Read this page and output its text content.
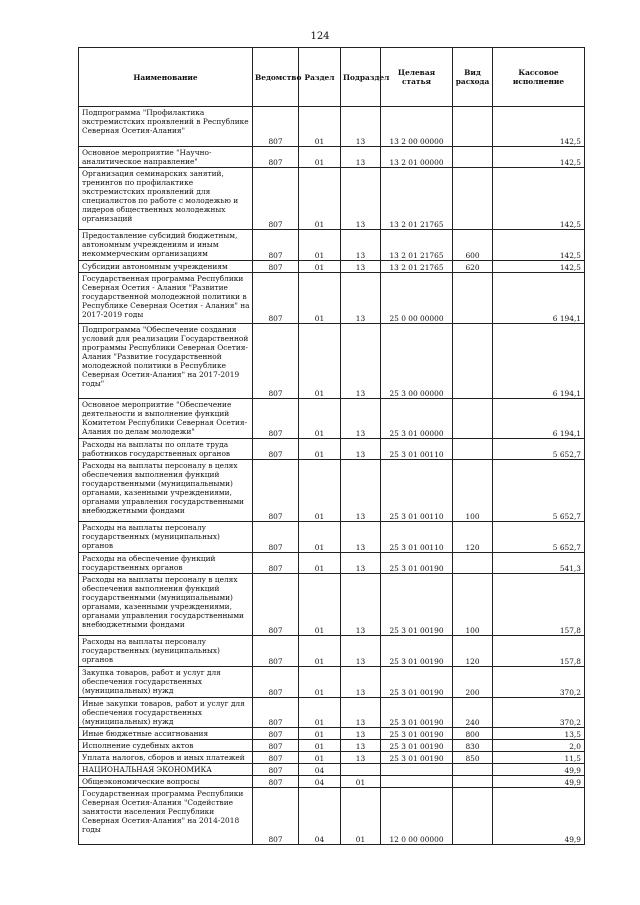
124
Наименование	Ведомство	Раздел	Подраздел	Целевая статья	Вид расхода	Кассовое исполнение
Подпрограмма "Профилактика экстремистских проявлений в Республике Северная Осетия-Алания"	807	01	13	13 2 00 00000		142,5
Основное мероприятие "Научно-аналитическое направление"	807	01	13	13 2 01 00000		142,5
Организация семинарских занятий, тренингов по профилактике экстремистских проявлений для специалистов по работе с молодежью и лидеров общественных молодежных организаций	807	01	13	13 2 01 21765		142,5
Предоставление субсидий бюджетным, автономным учреждениям и иным некоммерческим организациям	807	01	13	13 2 01 21765	600	142,5
Субсидии автономным учреждениям	807	01	13	13 2 01 21765	620	142,5
Государственная программа Республики Северная Осетия - Алания "Развитие государственной молодежной политики в Республике Северная Осетия - Алания" на 2017-2019 годы	807	01	13	25 0 00 00000		6 194,1
Подпрограмма "Обеспечение создания условий для реализации Государственной программы Республики Северная Осетия-Алания "Развитие государственной молодежной политики в Республике Северная Осетия-Алания" на 2017-2019 годы"	807	01	13	25 3 00 00000		6 194,1
Основное мероприятие "Обеспечение деятельности и выполнение функций Комитетом Республики Северная Осетия-Алания по делам молодежи"	807	01	13	25 3 01 00000		6 194,1
Расходы на выплаты по оплате труда работников государственных органов	807	01	13	25 3 01 00110		5 652,7
Расходы на выплаты персоналу в целях обеспечения выполнения функций государственными (муниципальными) органами, казенными учреждениями, органами управления государственными внебюджетными фондами	807	01	13	25 3 01 00110	100	5 652,7
Расходы на выплаты персоналу государственных (муниципальных) органов	807	01	13	25 3 01 00110	120	5 652,7
Расходы на обеспечение функций государственных органов	807	01	13	25 3 01 00190		541,3
Расходы на выплаты персоналу в целях обеспечения выполнения функций государственными (муниципальными) органами, казенными учреждениями, органами управления государственными внебюджетными фондами	807	01	13	25 3 01 00190	100	157,8
Расходы на выплаты персоналу государственных (муниципальных) органов	807	01	13	25 3 01 00190	120	157,8
Закупка товаров, работ и услуг для обеспечения государственных (муниципальных) нужд	807	01	13	25 3 01 00190	200	370,2
Иные закупки товаров, работ и услуг для обеспечения государственных (муниципальных) нужд	807	01	13	25 3 01 00190	240	370,2
Иные бюджетные ассигнования	807	01	13	25 3 01 00190	800	13,5
Исполнение судебных актов	807	01	13	25 3 01 00190	830	2,0
Уплата налогов, сборов и иных платежей	807	01	13	25 3 01 00190	850	11,5
НАЦИОНАЛЬНАЯ ЭКОНОМИКА	807	04				49,9
Общеэкономические вопросы	807	04	01			49,9
Государственная программа Республики Северная Осетия-Алания "Содействие занятости населения Республики Северная Осетия-Алания" на 2014-2018 годы	807	04	01	12 0 00 00000		49,9
